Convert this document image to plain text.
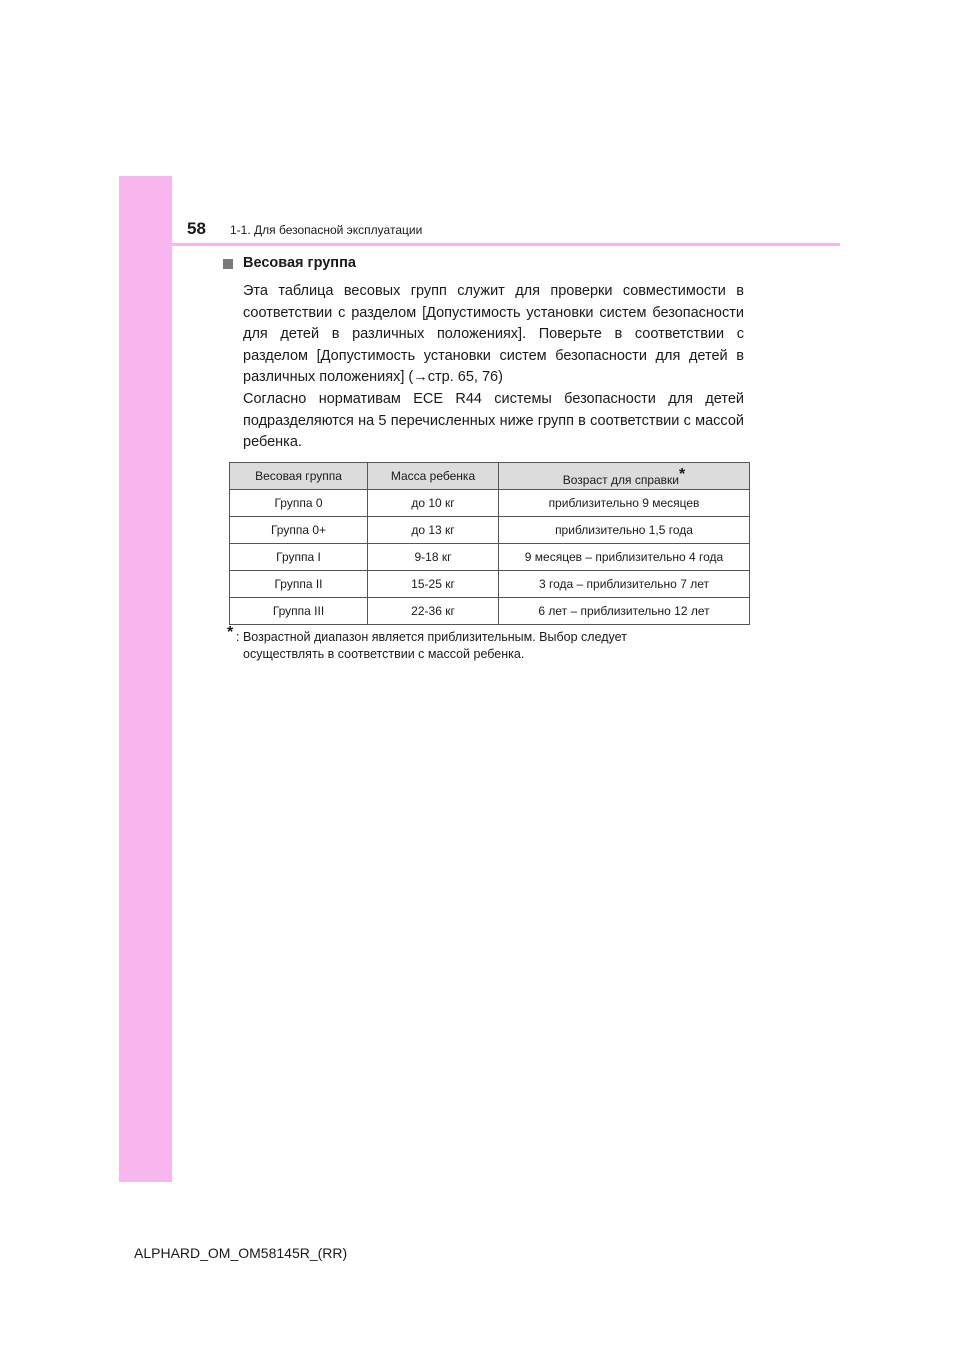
58 1-1. Для безопасной эксплуатации
Весовая группа

Эта таблица весовых групп служит для проверки совместимости в соответствии с разделом [Допустимость установки систем безопасности для детей в различных положениях]. Поверьте в соответствии с разделом [Допустимость установки систем безопасности для детей в различных положениях] (→стр. 65, 76)

Согласно нормативам ECE R44 системы безопасности для детей подразделяются на 5 перечисленных ниже групп в соответствии с массой ребенка.

Весовая группа	Масса ребенка	Возраст для справки*
Группа 0	до 10 кг	приблизительно 9 месяцев
Группа 0+	до 13 кг	приблизительно 1,5 года
Группа I	9-18 кг	9 месяцев – приблизительно 4 года
Группа II	15-25 кг	3 года – приблизительно 7 лет
Группа III	22-36 кг	6 лет – приблизительно 12 лет
* : Возрастной диапазон является приблизительным. Выбор следует
осуществлять в соответствии с массой ребенка.

ALPHARD_OM_OM58145R_(RR)
